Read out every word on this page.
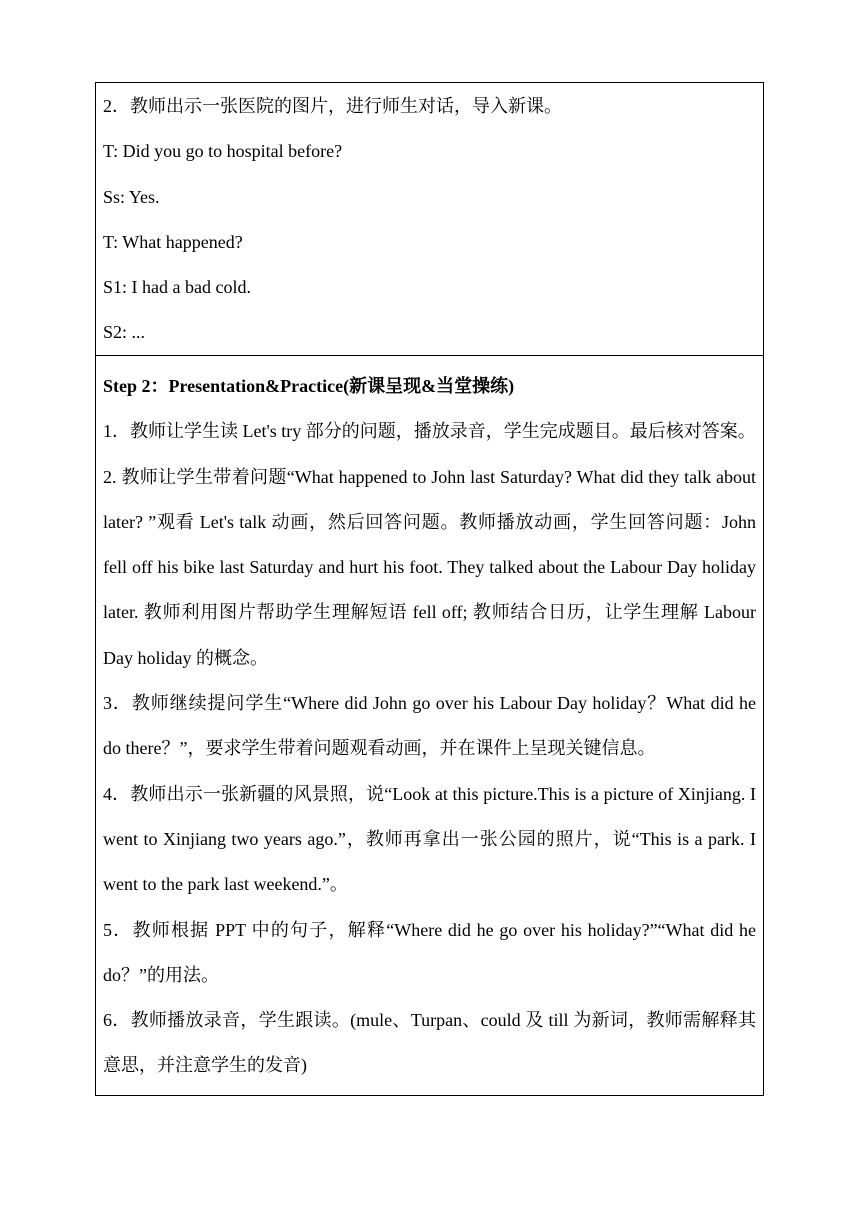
2．教师出示一张医院的图片，进行师生对话，导入新课。
T: Did you go to hospital before?
Ss: Yes.
T: What happened?
S1: I had a bad cold.
S2: ...

Step 2：Presentation&Practice(新课呈现&当堂操练)

1．教师让学生读 Let's try 部分的问题，播放录音，学生完成题目。最后核对答案。

2. 教师让学生带着问题“What happened to John last Saturday? What did they talk about later? ”观看 Let's talk 动画，然后回答问题。教师播放动画，学生回答问题：John fell off his bike last Saturday and hurt his foot. They talked about the Labour Day holiday later. 教师利用图片帮助学生理解短语 fell off; 教师结合日历，让学生理解 Labour Day holiday 的概念。

3．教师继续提问学生“Where did John go over his Labour Day holiday？What did he do there？”，要求学生带着问题观看动画，并在课件上呈现关键信息。

4．教师出示一张新疆的风景照，说“Look at this picture.This is a picture of Xinjiang. I went to Xinjiang two years ago.”，教师再拿出一张公园的照片，说“This is a park. I went to the park last weekend.”。

5．教师根据 PPT 中的句子，解释“Where did he go over his holiday?”“What did he do？”的用法。

6．教师播放录音，学生跟读。(mule、Turpan、could 及 till 为新词，教师需解释其意思，并注意学生的发音)
